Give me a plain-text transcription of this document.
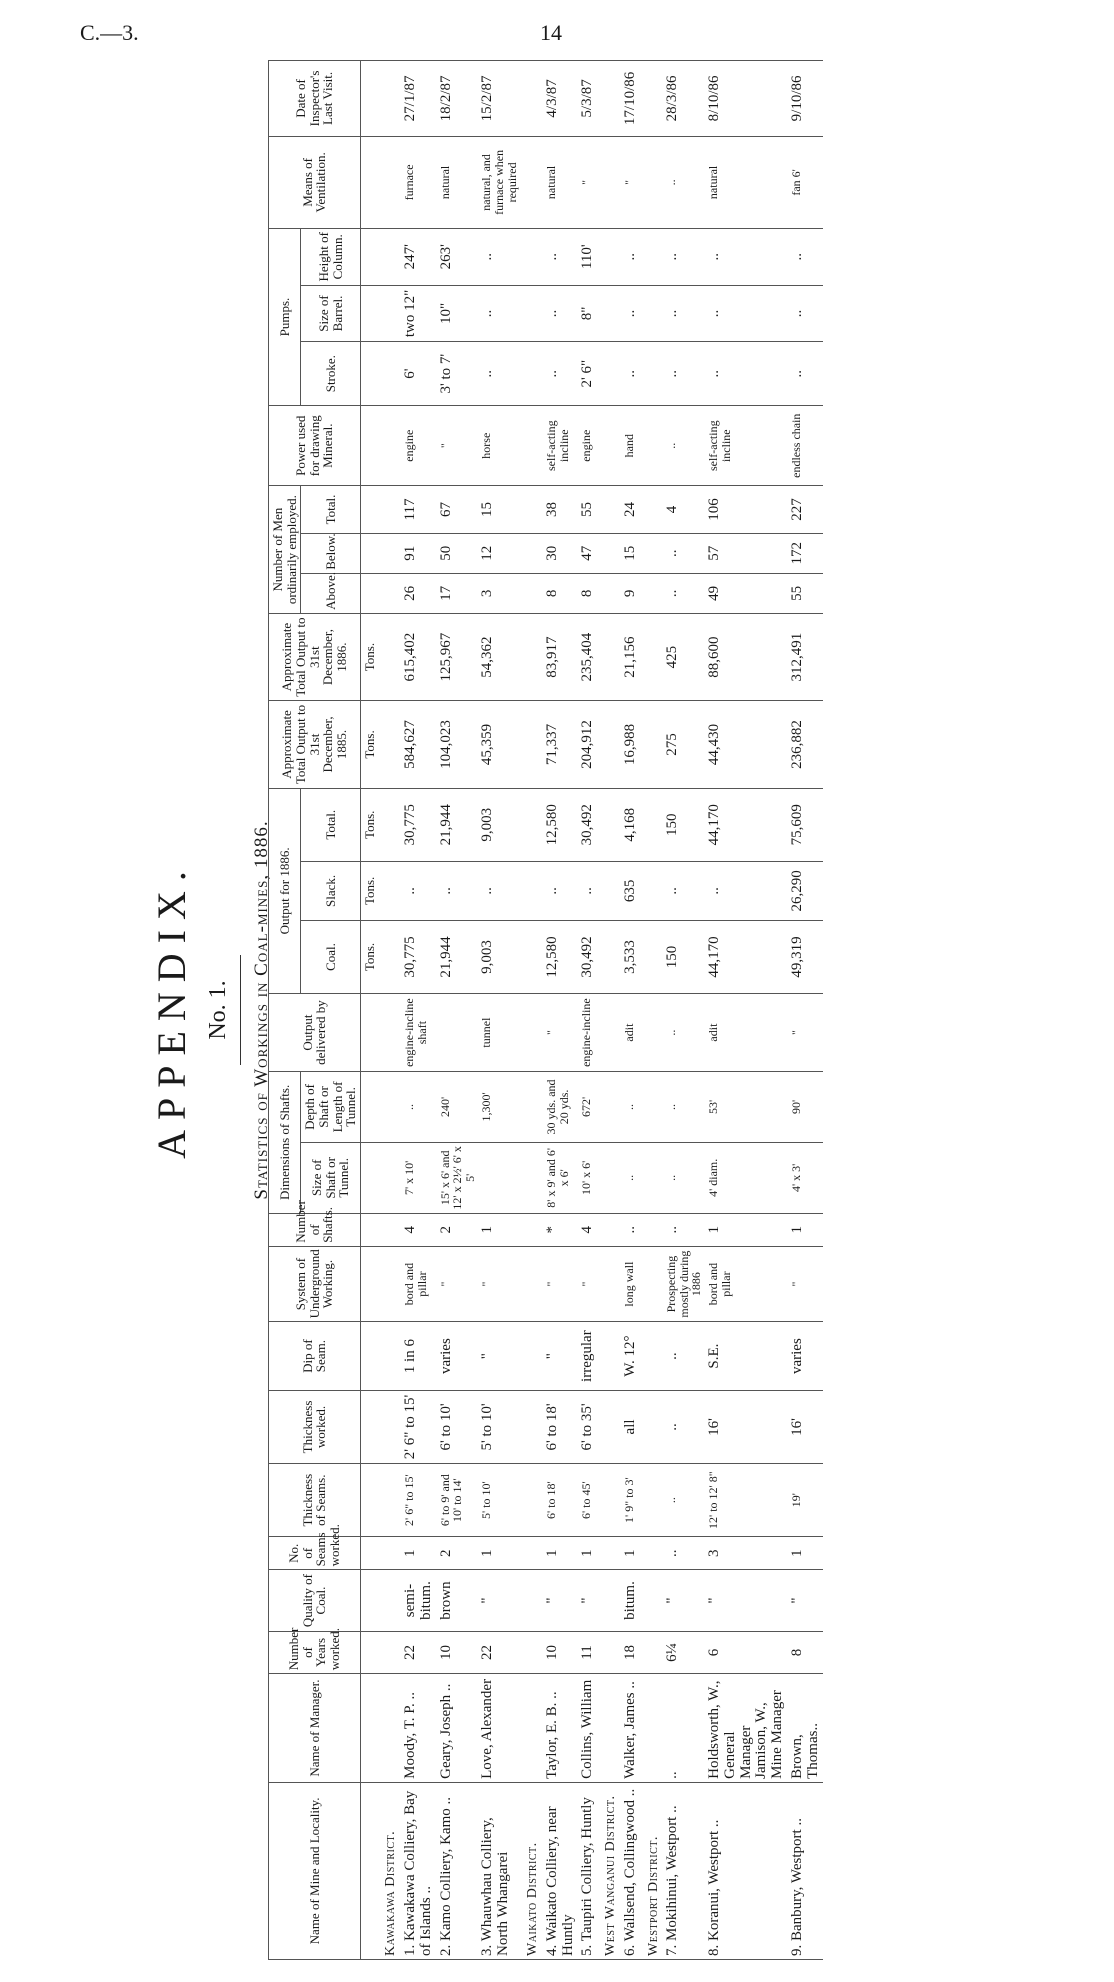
C.—3.	14
APPENDIX. No. 1. Statistics of Workings in Coal-mines, 1886.
Name of Mine and Locality.	Name of Manager.	Number of Years worked.	Quality of Coal.	No. of Seams worked.	Thickness of Seams.	Thickness worked.	Dip of Seam.	System of Underground Working.	Number of Shafts.	Dimensions of Shafts.		Output delivered by	Output for 1886.			Approximate Total Output to 31st December, 1885.	Approximate Total Output to 31st December, 1886.	Number of Men ordinarily employed.			Power used for drawing Mineral.	Pumps.			Means of Ventilation.	Date of Inspector's Last Visit.
										Size of Shaft or Tunnel.	Depth of Shaft or Length of Tunnel.		Coal.	Slack.	Total.			Above.	Below.	Total.		Stroke.	Size of Barrel.	Height of Column.		
													Tons.	Tons.	Tons.	Tons.	Tons.									
Kawakawa District.																										
1. Kawakawa Colliery, Bay of Islands ..	Moody, T. P. ..	22	semi-bitum.	1	2' 6" to 15'	2' 6" to 15'	1 in 6	bord and pillar	4	7' x 10'	..	engine-incline shaft	30,775	..	30,775	584,627	615,402	26	91	117	engine	6'	two 12"	247'	furnace	27/1/87
2. Kamo Colliery, Kamo ..	Geary, Joseph ..	10	brown	2	6' to 9' and 10' to 14'	6' to 10'	varies	"	2	15' x 6' and 12' x 2½' 6' x 5'	240'		21,944	..	21,944	104,023	125,967	17	50	67	"	3' to 7'	10"	263'	natural	18/2/87
3. Whauwhau Colliery, North Whangarei	Love, Alexander	22	"	1	5' to 10'	5' to 10'	"	"	1		1,300'	tunnel	9,003	..	9,003	45,359	54,362	3	12	15	horse	..	..	..	natural, and furnace when required	15/2/87
Waikato District.																										
4. Waikato Colliery, near Huntly	Taylor, E. B. ..	10	"	1	6' to 18'	6' to 18'	"	"	*	8' x 9' and 6' x 6'	30 yds. and 20 yds.	"	12,580	..	12,580	71,337	83,917	8	30	38	self-acting incline	..	..	..	natural	4/3/87
5. Taupiri Colliery, Huntly	Collins, William	11	"	1	6' to 45'	6' to 35'	irregular	"	4	10' x 6'	672'	engine-incline	30,492	..	30,492	204,912	235,404	8	47	55	engine	2' 6"	8"	110'	"	5/3/87
West Wanganui District.																										
6. Wallsend, Collingwood ..	Walker, James ..	18	bitum.	1	1' 9" to 3'	all	W. 12°	long wall	..	..	..	adit	3,533	635	4,168	16,988	21,156	9	15	24	hand	..	..	..	"	17/10/86
Westport District.																										
7. Mokihinui, Westport ..	..	6¼	"	..	..	..	..	Prospecting mostly during 1886	..	..	..	..	150	..	150	275	425	..	..	4	..	..	..	..	..	28/3/86
8. Koranui, Westport ..	Holdsworth, W., General Manager Jamison, W., Mine Manager	6	"	3	12' to 12' 8"	16'	S.E.	bord and pillar	1	4' diam.	53'	adit	44,170	..	44,170	44,430	88,600	49	57	106	self-acting incline	..	..	..	natural	8/10/86
9. Banbury, Westport ..	Brown, Thomas..	8	"	1	19'	16'	varies	"	1	4' x 3'	90'	"	49,319	26,290	75,609	236,882	312,491	55	172	227	endless chain	..	..	..	fan 6'	9/10/86
